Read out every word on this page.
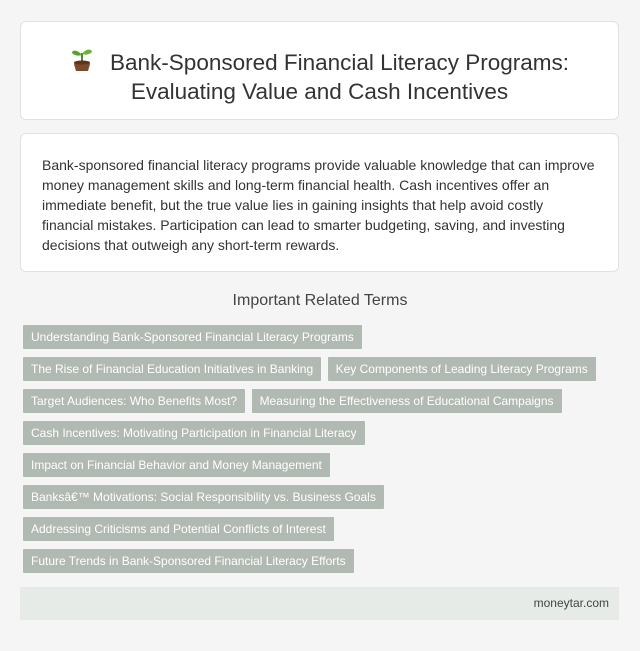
Bank-Sponsored Financial Literacy Programs:
Evaluating Value and Cash Incentives

Bank-sponsored financial literacy programs provide valuable knowledge that can improve money management skills and long-term financial health. Cash incentives offer an immediate benefit, but the true value lies in gaining insights that help avoid costly financial mistakes. Participation can lead to smarter budgeting, saving, and investing decisions that outweigh any short-term rewards.

Important Related Terms
Understanding Bank-Sponsored Financial Literacy Programs
The Rise of Financial Education Initiatives in Banking Key Components of Leading Literacy Programs
Target Audiences: Who Benefits Most? Measuring the Effectiveness of Educational Campaigns
Cash Incentives: Motivating Participation in Financial Literacy
Impact on Financial Behavior and Money Management
Banksâ€™ Motivations: Social Responsibility vs. Business Goals
Addressing Criticisms and Potential Conflicts of Interest
Future Trends in Bank-Sponsored Financial Literacy Efforts
moneytar.com
